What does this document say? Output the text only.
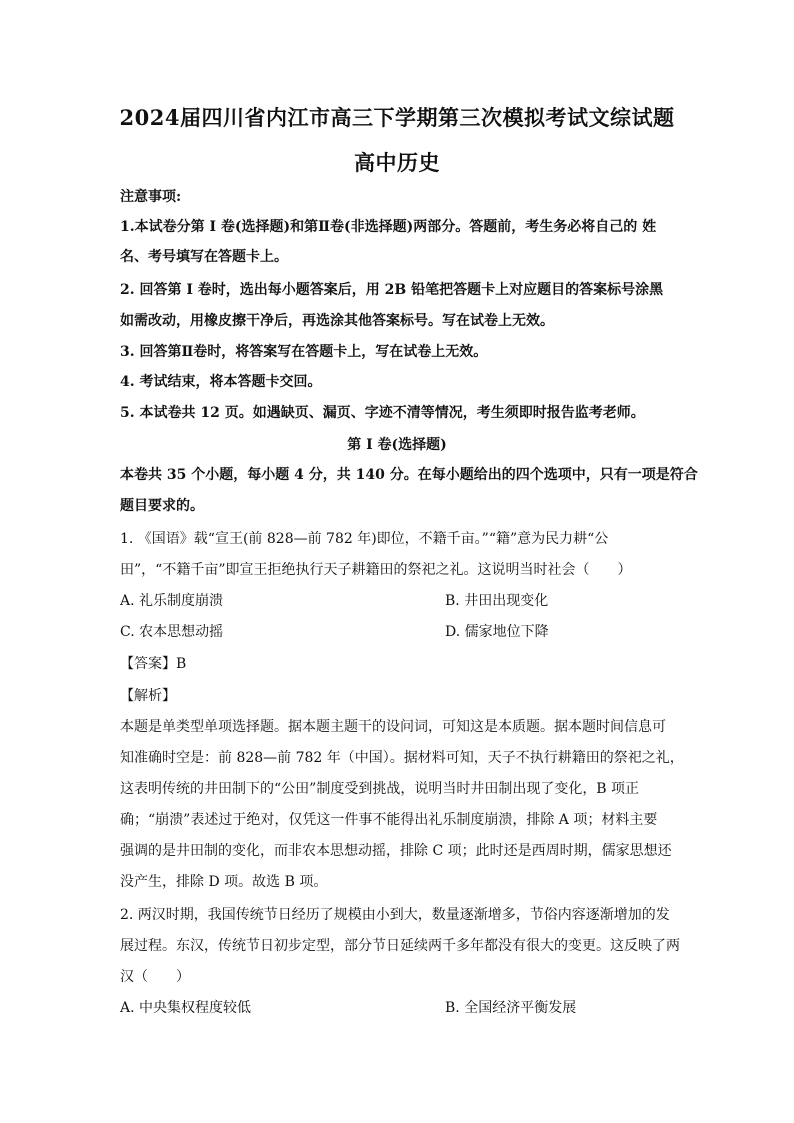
2024届四川省内江市高三下学期第三次模拟考试文综试题
高中历史
注意事项:
1.本试卷分第 I 卷(选择题)和第Ⅱ卷(非选择题)两部分。答题前，考生务必将自己的 姓
名、考号填写在答题卡上。
2. 回答第 I 卷时，选出每小题答案后，用 2B 铅笔把答题卡上对应题目的答案标号涂黑
如需改动，用橡皮擦干净后，再选涂其他答案标号。写在试卷上无效。
3. 回答第Ⅱ卷时，将答案写在答题卡上，写在试卷上无效。
4. 考试结束，将本答题卡交回。
5. 本试卷共 12 页。如遇缺页、漏页、字迹不清等情况，考生须即时报告监考老师。
第 I 卷(选择题)
本卷共 35 个小题，每小题 4 分，共 140 分。在每小题给出的四个选项中，只有一项是符合
题目要求的。
1. 《国语》载“宣王(前 828—前 782 年)即位，不籍千亩。”“籍”意为民力耕“公
田”，“不籍千亩”即宣王拒绝执行天子耕籍田的祭祀之礼。这说明当时社会（　　）
A. 礼乐制度崩溃	B. 井田出现变化
C. 农本思想动摇	D. 儒家地位下降
【答案】B
【解析】
本题是单类型单项选择题。据本题主题干的设问词，可知这是本质题。据本题时间信息可
知准确时空是：前 828—前 782 年（中国）。据材料可知，天子不执行耕籍田的祭祀之礼，
这表明传统的井田制下的“公田”制度受到挑战，说明当时井田制出现了变化，B 项正
确；“崩溃”表述过于绝对，仅凭这一件事不能得出礼乐制度崩溃，排除 A 项；材料主要
强调的是井田制的变化，而非农本思想动摇，排除 C 项；此时还是西周时期，儒家思想还
没产生，排除 D 项。故选 B 项。
2. 两汉时期，我国传统节日经历了规模由小到大，数量逐渐增多，节俗内容逐渐增加的发
展过程。东汉，传统节日初步定型，部分节日延续两千多年都没有很大的变更。这反映了两
汉（　　）
A. 中央集权程度较低	B. 全国经济平衡发展
